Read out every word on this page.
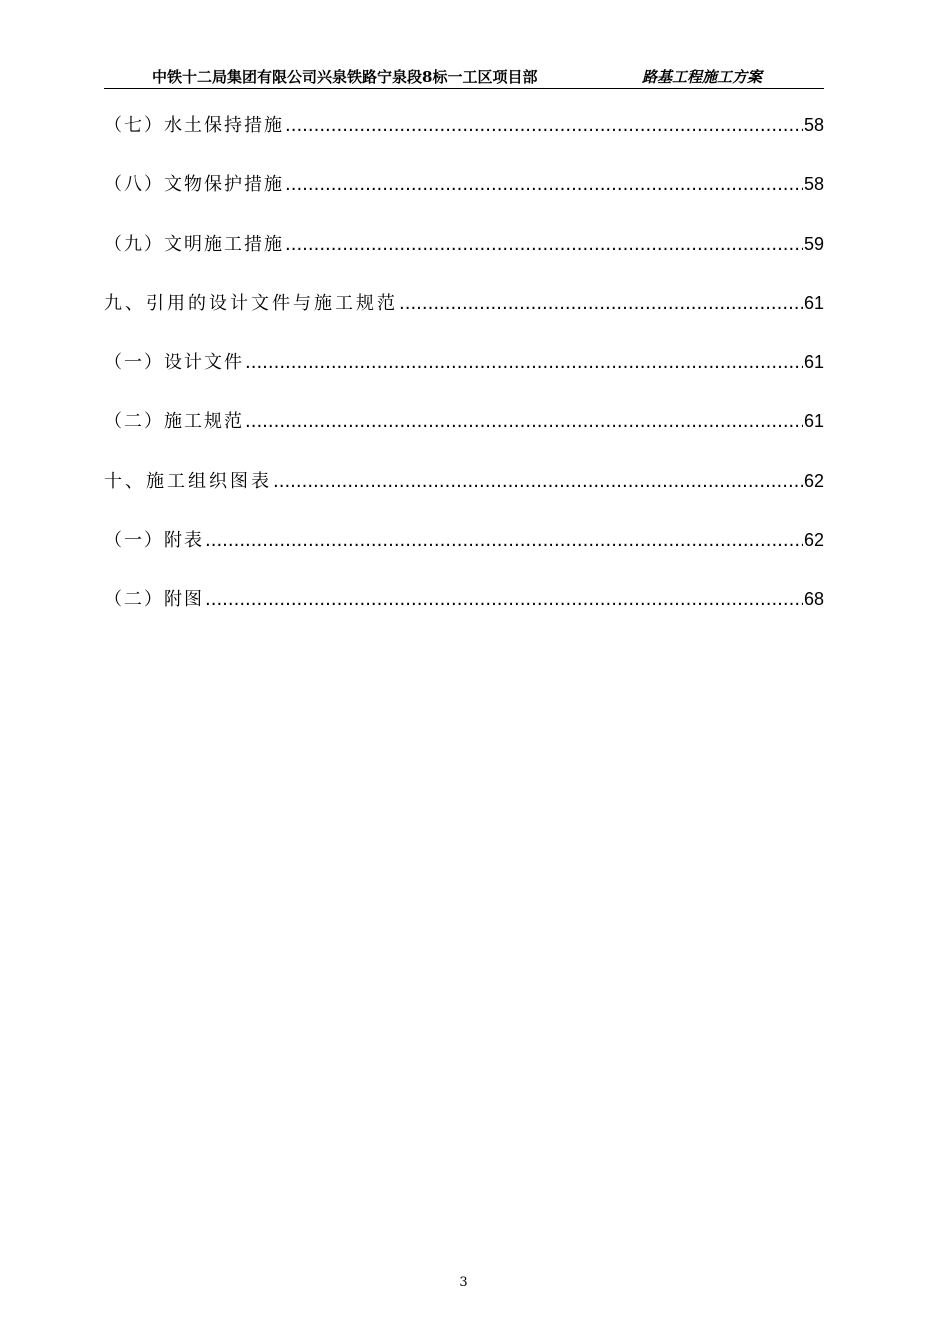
中铁十二局集团有限公司兴泉铁路宁泉段8标一工区项目部	路基工程施工方案
（七）水土保持措施 .....	58
（八）文物保护措施 .....	58
（九）文明施工措施 .....	59
九、引用的设计文件与施工规范 .....	61
（一）设计文件 .....	61
（二）施工规范 .....	61
十、施工组织图表 .....	62
（一）附表 .....	62
（二）附图 .....	68
3
